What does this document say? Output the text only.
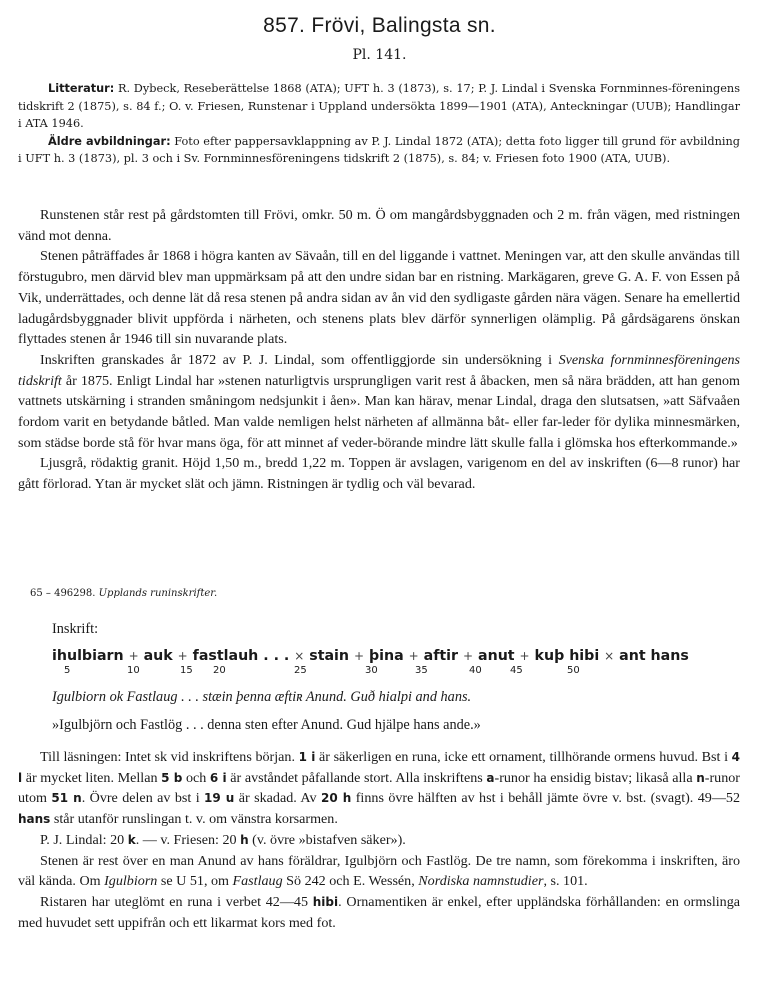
857. Frövi, Balingsta sn.
Pl. 141.
Litteratur: R. Dybeck, Reseberättelse 1868 (ATA); UFT h. 3 (1873), s. 17; P. J. Lindal i Svenska Fornminnes-föreningens tidskrift 2 (1875), s. 84 f.; O. v. Friesen, Runstenar i Uppland undersökta 1899—1901 (ATA), Anteckningar (UUB); Handlingar i ATA 1946.
Äldre avbildningar: Foto efter pappersavklappning av P. J. Lindal 1872 (ATA); detta foto ligger till grund för avbildning i UFT h. 3 (1873), pl. 3 och i Sv. Fornminnesföreningens tidskrift 2 (1875), s. 84; v. Friesen foto 1900 (ATA, UUB).

Runstenen står rest på gårdstomten till Frövi, omkr. 50 m. Ö om mangårdsbyggnaden och 2 m. från vägen, med ristningen vänd mot denna.

Stenen påträffades år 1868 i högra kanten av Sävaån, till en del liggande i vattnet. Meningen var, att den skulle användas till förstugubro, men därvid blev man uppmärksam på att den undre sidan bar en ristning. Markägaren, greve G. A. F. von Essen på Vik, underrättades, och denne lät då resa stenen på andra sidan av ån vid den sydligaste gården nära vägen. Senare ha emellertid ladugårdsbyggnader blivit uppförda i närheten, och stenens plats blev därför synnerligen olämplig. På gårdsägarens önskan flyttades stenen år 1946 till sin nuvarande plats.

Inskriften granskades år 1872 av P. J. Lindal, som offentliggjorde sin undersökning i Svenska fornminnesföreningens tidskrift år 1875. Enligt Lindal har »stenen naturligtvis ursprungligen varit rest å åbacken, men så nära brädden, att han genom vattnets utskärning i stranden småningom nedsjunkit i åen». Man kan härav, menar Lindal, draga den slutsatsen, »att Säfvaåen fordom varit en betydande båtled. Man valde nemligen helst närheten af allmänna båt- eller far-leder för dylika minnesmärken, som städse borde stå för hvar mans öga, för att minnet af veder-börande mindre lätt skulle falla i glömska hos efterkommande.»

Ljusgrå, rödaktig granit. Höjd 1,50 m., bredd 1,22 m. Toppen är avslagen, varigenom en del av inskriften (6—8 runor) har gått förlorad. Ytan är mycket slät och jämn. Ristningen är tydlig och väl bevarad.

65 – 496298. Upplands runinskrifter.
Inskrift:
ihulbiarn + auk + fastlauh . . . × stain + þina + aftir + anut + kuþ hibi × ant hans
5	10	15 20	25	30	35	40	45	50
Igulbiorn ok Fastlaug . . . stæin þenna æftiʀ Anund. Guð hialpi and hans.
»Igulbjörn och Fastlög . . . denna sten efter Anund. Gud hjälpe hans ande.»

Till läsningen: Intet sk vid inskriftens början. 1 i är säkerligen en runa, icke ett ornament, tillhörande ormens huvud. Bst i 4 l är mycket liten. Mellan 5 b och 6 i är avståndet påfallande stort. Alla inskriftens a-runor ha ensidig bistav; likaså alla n-runor utom 51 n. Övre delen av bst i 19 u är skadad. Av 20 h finns övre hälften av hst i behåll jämte övre v. bst. (svagt). 49—52 hans står utanför runslingan t. v. om vänstra korsarmen.

P. J. Lindal: 20 k. — v. Friesen: 20 h (v. övre »bistafven säker»).

Stenen är rest över en man Anund av hans föräldrar, Igulbjörn och Fastlög. De tre namn, som förekomma i inskriften, äro väl kända. Om Igulbiorn se U 51, om Fastlaug Sö 242 och E. Wessén, Nordiska namnstudier, s. 101.

Ristaren har uteglömt en runa i verbet 42—45 hibi. Ornamentiken är enkel, efter uppländska förhållanden: en ormslinga med huvudet sett uppifrån och ett likarmat kors med fot.
